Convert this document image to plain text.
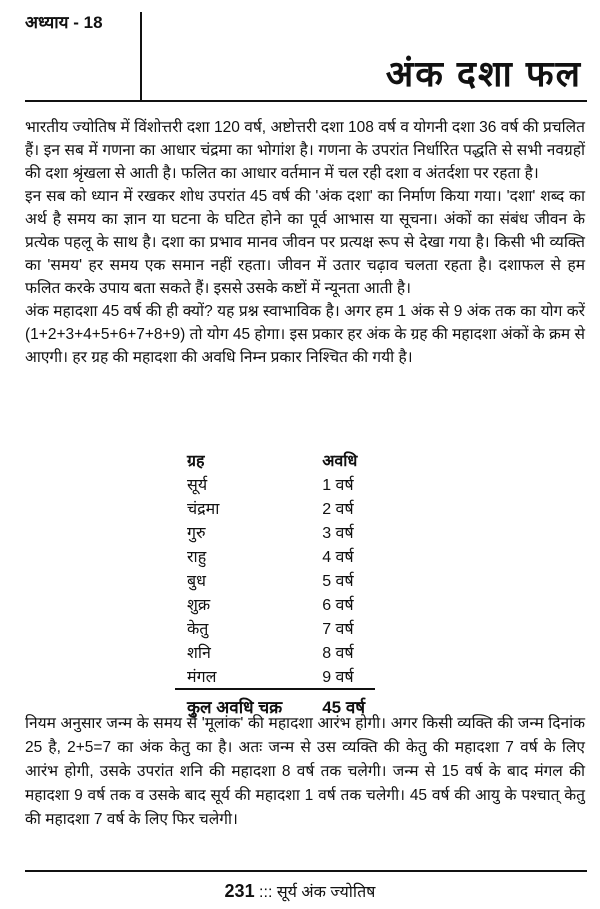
अध्याय - 18
अंक दशा फल

भारतीय ज्योतिष में विंशोत्तरी दशा 120 वर्ष, अष्टोत्तरी दशा 108 वर्ष व योगनी दशा 36 वर्ष की प्रचलित हैं। इन सब में गणना का आधार चंद्रमा का भोगांश है। गणना के उपरांत निर्धारित पद्धति से सभी नवग्रहों की दशा श्रृंखला से आती है। फलित का आधार वर्तमान में चल रही दशा व अंतर्दशा पर रहता है।

इन सब को ध्यान में रखकर शोध उपरांत 45 वर्ष की 'अंक दशा' का निर्माण किया गया। 'दशा' शब्द का अर्थ है समय का ज्ञान या घटना के घटित होने का पूर्व आभास या सूचना। अंकों का संबंध जीवन के प्रत्येक पहलू के साथ है। दशा का प्रभाव मानव जीवन पर प्रत्यक्ष रूप से देखा गया है। किसी भी व्यक्ति का 'समय' हर समय एक समान नहीं रहता। जीवन में उतार चढ़ाव चलता रहता है। दशाफल से हम फलित करके उपाय बता सकते हैं। इससे उसके कष्टों में न्यूनता आती है।

अंक महादशा 45 वर्ष की ही क्यों? यह प्रश्न स्वाभाविक है। अगर हम 1 अंक से 9 अंक तक का योग करें (1+2+3+4+5+6+7+8+9) तो योग 45 होगा। इस प्रकार हर अंक के ग्रह की महादशा अंकों के क्रम से आएगी। हर ग्रह की महादशा की अवधि निम्न प्रकार निश्चित की गयी है।

ग्रह	अवधि
सूर्य	1 वर्ष
चंद्रमा	2 वर्ष
गुरु	3 वर्ष
राहु	4 वर्ष
बुध	5 वर्ष
शुक्र	6 वर्ष
केतु	7 वर्ष
शनि	8 वर्ष
मंगल	9 वर्ष
कुल अवधि चक्र	45 वर्ष
नियम अनुसार जन्म के समय से 'मूलांक' की महादशा आरंभ होगी। अगर किसी व्यक्ति की जन्म दिनांक 25 है, 2+5=7 का अंक केतु का है। अतः जन्म से उस व्यक्ति की केतु की महादशा 7 वर्ष के लिए आरंभ होगी, उसके उपरांत शनि की महादशा 8 वर्ष तक चलेगी। जन्म से 15 वर्ष के बाद मंगल की महादशा 9 वर्ष तक व उसके बाद सूर्य की महादशा 1 वर्ष तक चलेगी। 45 वर्ष की आयु के पश्चात् केतु की महादशा 7 वर्ष के लिए फिर चलेगी।
231 ::: सूर्य अंक ज्योतिष
